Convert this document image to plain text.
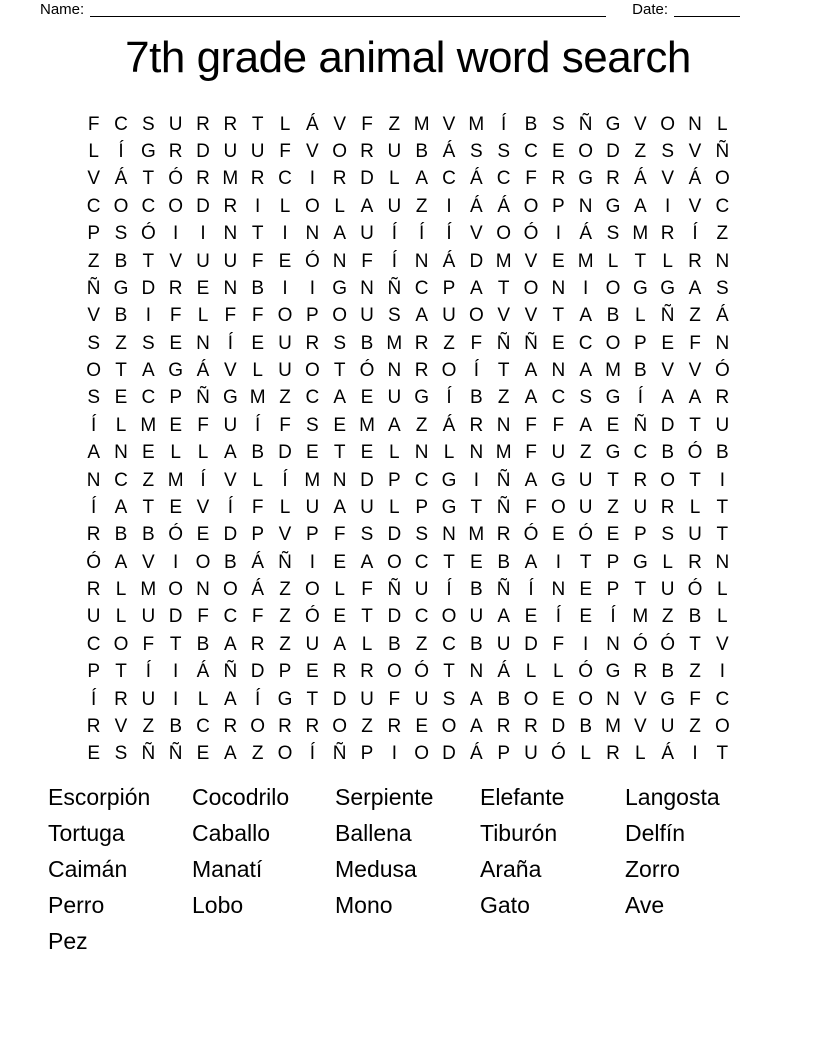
Name:	Date:
7th grade animal word search
F C S U R R T L Á V F Z M V M Í B S Ñ G V O N L
L	Í G R D U U F V O R U B Á S S C E O D Z S V Ñ
V Á T Ó R M R C I R D L A C Á C F R G R Á V Á O
C O C O D R I	L O L A U Z I Á Á O P N G A I V C
P S Ó I	I N T I N A U Í	Í	Í V O Ó I Á S M R Í Z
Z B T V U U F E Ó N F Í N Á D M V E M L T L R N
Ñ G D R E N B I	I G N Ñ C P A T O N I O G G A S
V B I F L F F O P O U S A U O V V T A B L Ñ Z Á
S Z S E N Í E U R S B M R Z F Ñ Ñ E C O P E F N
O T A G Á V L U O T Ó N R O Í T A N A M B V V Ó
S E C P Ñ G M Z C A E U G Í B Z A C S G Í A A R
Í	L M E F U Í F S E M A Z Á R N F F A E Ñ D T U
A N E L L A B D E T E L N L N M F U Z G C B Ó B
N C Z M Í V L	Í M N D P C G I Ñ A G U T R O T I
Í A T E V Í F L U A U L P G T Ñ F O U Z U R L T
R B B Ó E D P V P F S D S N M R Ó E Ó E P S U T
Ó A V I O B Á Ñ I E A O C T E B A I T P G L R N
R L M O N O Á Z O L F Ñ U Í B Ñ Í N E P T U Ó L
U L U D F C F Z Ó E T D C O U A E Í E Í M Z B L
C O F T B A R Z U A L B Z C B U D F I N Ó Ó T V
P T Í	I Á Ñ D P E R R O Ó T N Á L L Ó G R B Z I
Í R U I	L A Í G T D U F U S A B O E O N V G F C
R V Z B C R O R R O Z R E O A R R D B M V U Z O
E S Ñ Ñ E A Z O Í Ñ P I O D Á P U Ó L R L Á I T
Escorpión
Tortuga
Caimán
Perro
Pez
Cocodrilo
Caballo
Manatí
Lobo
Serpiente
Ballena
Medusa
Mono
Elefante
Tiburón
Araña
Gato
Langosta
Delfín
Zorro
Ave
